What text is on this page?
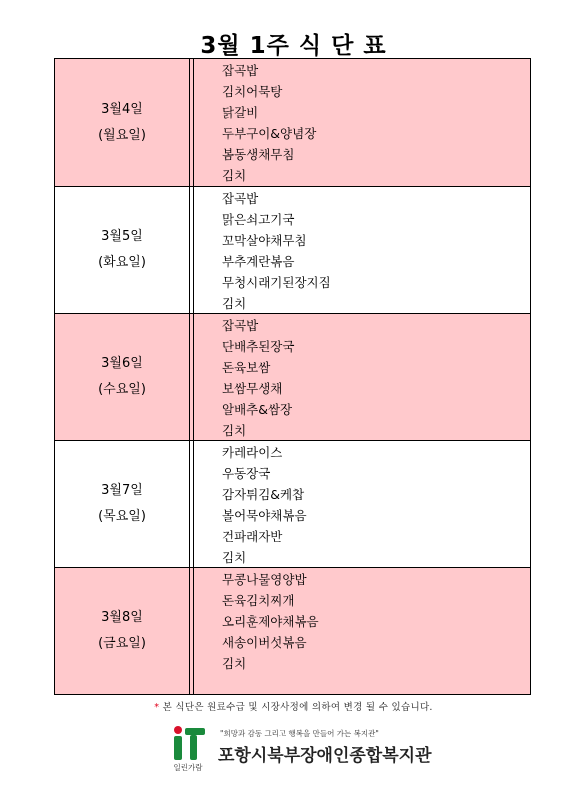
3월 1주 식 단 표
3월4일
(월요일)
잡곡밥
김치어묵탕
닭갈비
두부구이&양념장
봄동생채무침
김치
3월5일
(화요일)
잡곡밥
맑은쇠고기국
꼬막살야채무침
부추계란볶음
무청시래기된장지짐
김치
3월6일
(수요일)
잡곡밥
단배추된장국
돈육보쌈
보쌈무생채
알배추&쌈장
김치
3월7일
(목요일)
카레라이스
우동장국
감자튀김&케찹
볼어묵야채볶음
건파래자반
김치
3월8일
(금요일)
무콩나물영양밥
돈육김치찌개
오리훈제야채볶음
새송이버섯볶음
김치
* 본 식단은 원료수급 및 시장사정에 의하여 변경 될 수 있습니다.
일린가람
"희망과 감동 그리고 행복을 만들어 가는 복지관"
포항시북부장애인종합복지관
